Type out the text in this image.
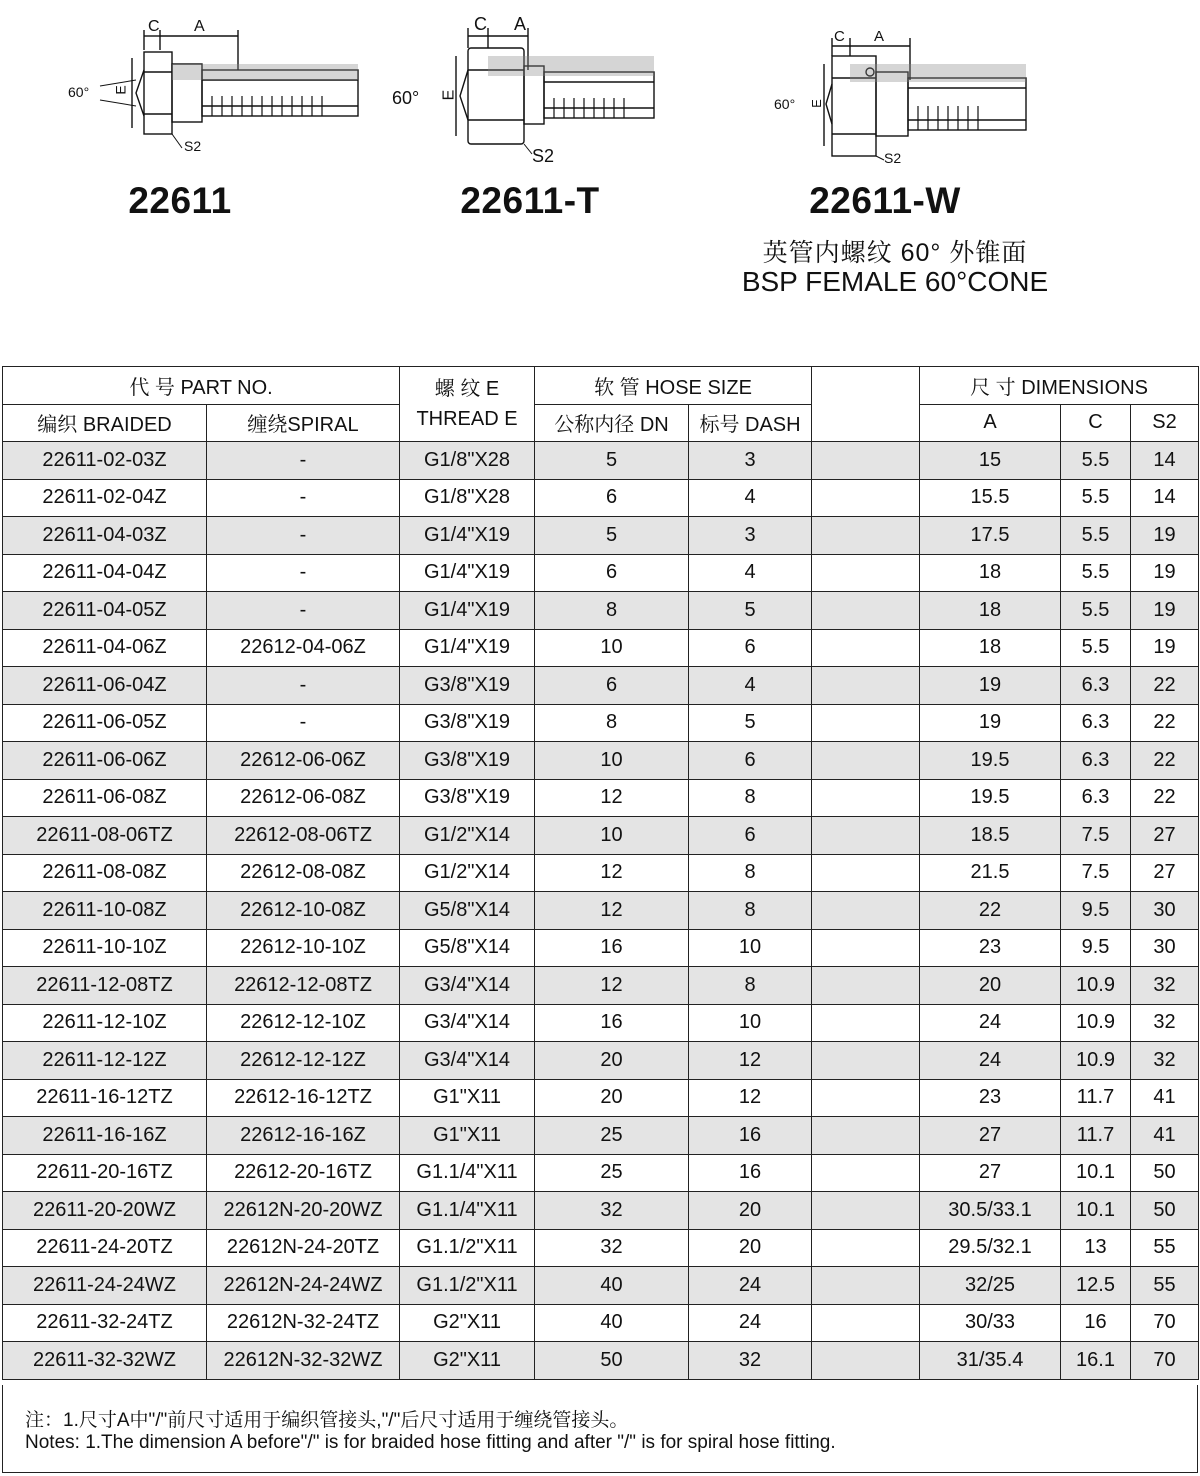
C A
60° E
S2
C A
60° E
S2
C A
60° E
S2
22611	22611-T	22611-W
英管内螺纹 60° 外锥面
BSP FEMALE 60°CONE
代 号 PART NO.		螺 纹 E
THREAD E	软 管 HOSE SIZE			尺 寸 DIMENSIONS		
编织 BRAIDED	缠绕SPIRAL		公称内径 DN	标号 DASH		A	C	S2
22611-02-03Z	-	G1/8"X28	5	3		15	5.5	14
22611-02-04Z	-	G1/8"X28	6	4		15.5	5.5	14
22611-04-03Z	-	G1/4"X19	5	3		17.5	5.5	19
22611-04-04Z	-	G1/4"X19	6	4		18	5.5	19
22611-04-05Z	-	G1/4"X19	8	5		18	5.5	19
22611-04-06Z	22612-04-06Z	G1/4"X19	10	6		18	5.5	19
22611-06-04Z	-	G3/8"X19	6	4		19	6.3	22
22611-06-05Z	-	G3/8"X19	8	5		19	6.3	22
22611-06-06Z	22612-06-06Z	G3/8"X19	10	6		19.5	6.3	22
22611-06-08Z	22612-06-08Z	G3/8"X19	12	8		19.5	6.3	22
22611-08-06TZ	22612-08-06TZ	G1/2"X14	10	6		18.5	7.5	27
22611-08-08Z	22612-08-08Z	G1/2"X14	12	8		21.5	7.5	27
22611-10-08Z	22612-10-08Z	G5/8"X14	12	8		22	9.5	30
22611-10-10Z	22612-10-10Z	G5/8"X14	16	10		23	9.5	30
22611-12-08TZ	22612-12-08TZ	G3/4"X14	12	8		20	10.9	32
22611-12-10Z	22612-12-10Z	G3/4"X14	16	10		24	10.9	32
22611-12-12Z	22612-12-12Z	G3/4"X14	20	12		24	10.9	32
22611-16-12TZ	22612-16-12TZ	G1"X11	20	12		23	11.7	41
22611-16-16Z	22612-16-16Z	G1"X11	25	16		27	11.7	41
22611-20-16TZ	22612-20-16TZ	G1.1/4"X11	25	16		27	10.1	50
22611-20-20WZ	22612N-20-20WZ	G1.1/4"X11	32	20		30.5/33.1	10.1	50
22611-24-20TZ	22612N-24-20TZ	G1.1/2"X11	32	20		29.5/32.1	13	55
22611-24-24WZ	22612N-24-24WZ	G1.1/2"X11	40	24		32/25	12.5	55
22611-32-24TZ	22612N-32-24TZ	G2"X11	40	24		30/33	16	70
22611-32-32WZ	22612N-32-32WZ	G2"X11	50	32		31/35.4	16.1	70
注：1.尺寸A中"/"前尺寸适用于编织管接头,"/"后尺寸适用于缠绕管接头。
Notes: 1.The dimension A before"/" is for braided hose fitting and after "/" is for spiral hose fitting.
